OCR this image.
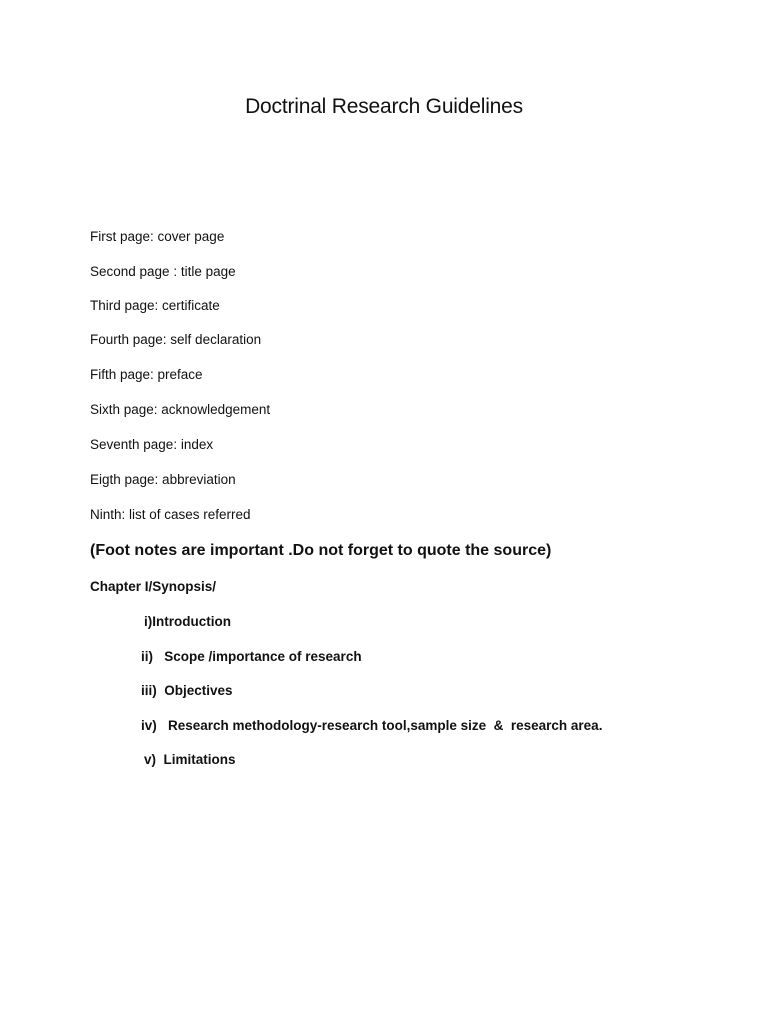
Doctrinal Research Guidelines
First page: cover page
Second page : title page
Third page: certificate
Fourth page: self declaration
Fifth page: preface
Sixth page: acknowledgement
Seventh page: index
Eigth page: abbreviation
Ninth: list of cases referred
(Foot notes are important .Do not forget to quote the source)
Chapter I/Synopsis/
i)Introduction
ii)   Scope /importance of research
iii)  Objectives
iv)   Research methodology-research tool,sample size  &  research area.
v)  Limitations
